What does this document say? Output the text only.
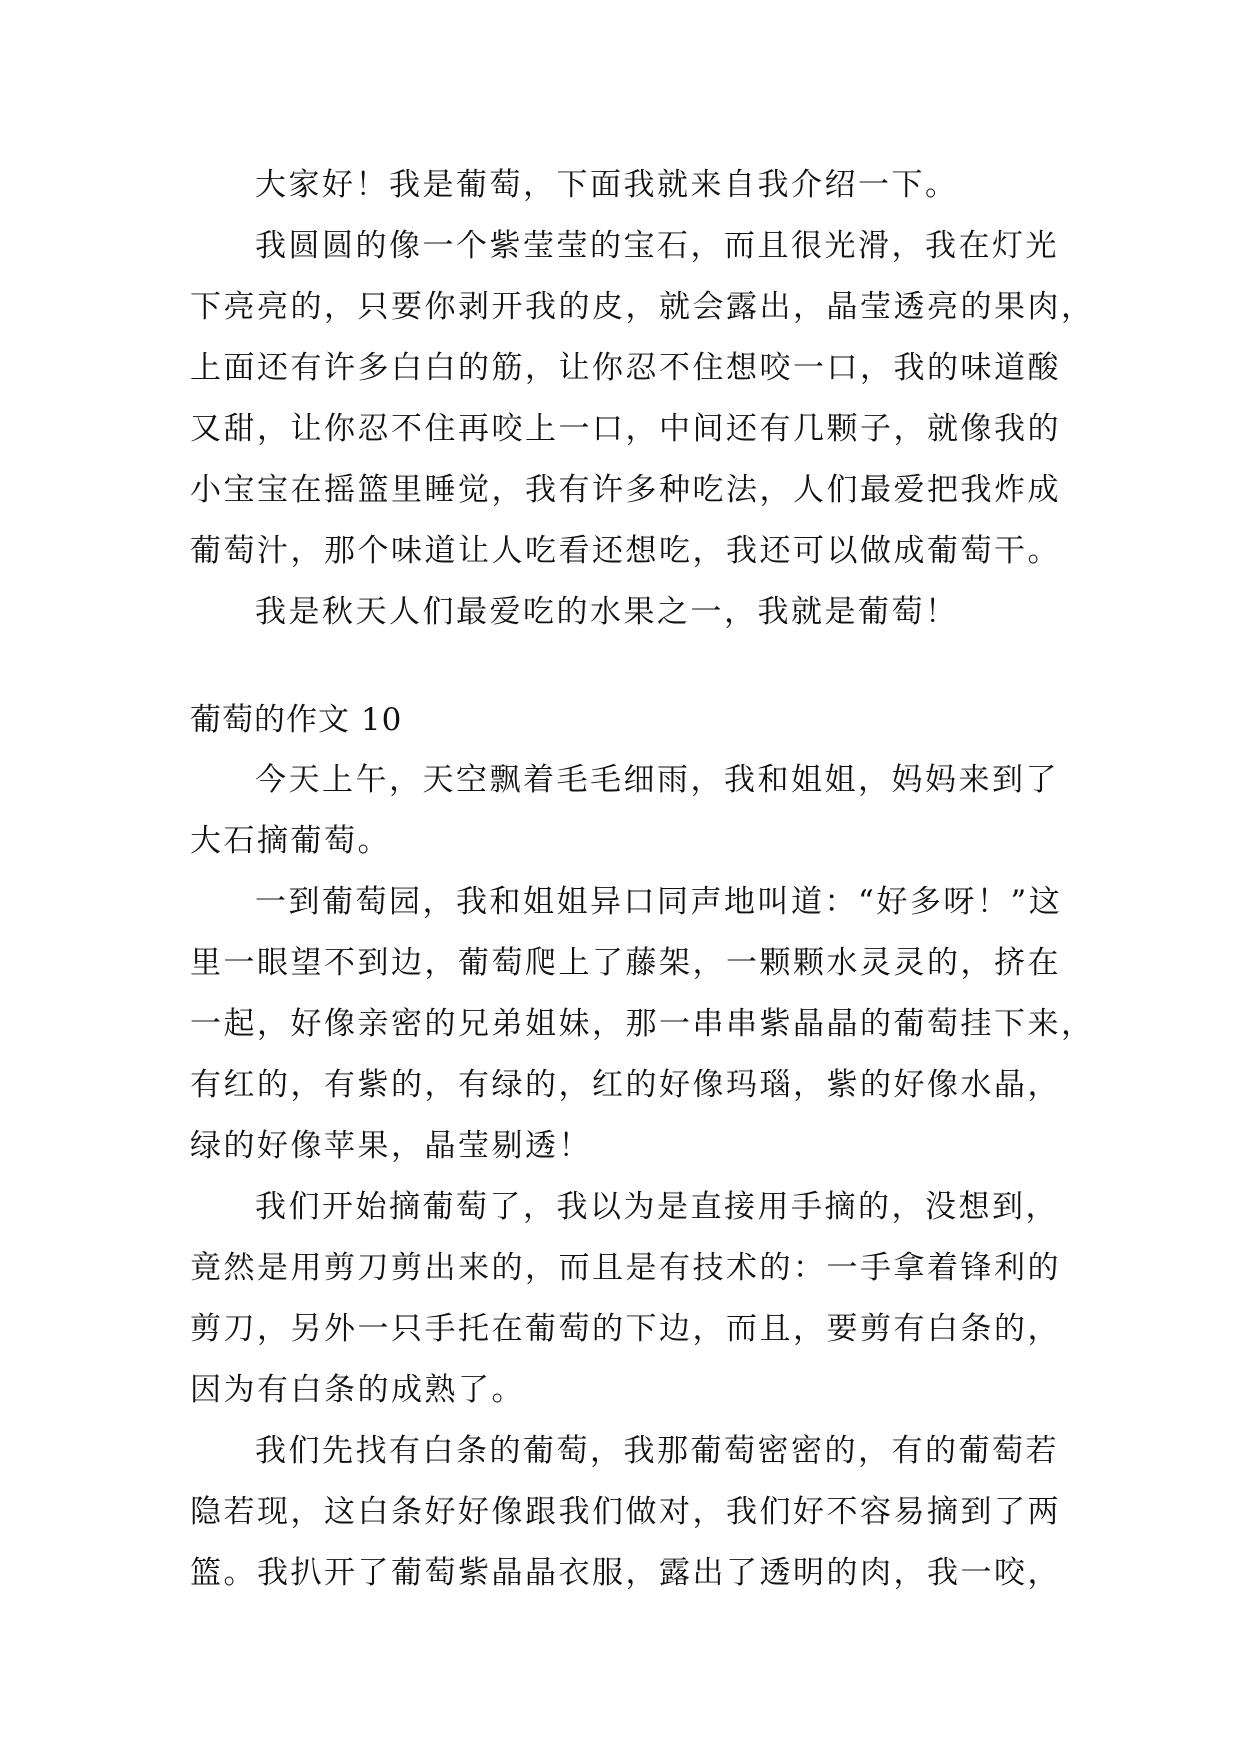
大家好！我是葡萄，下面我就来自我介绍一下。
我圆圆的像一个紫莹莹的宝石，而且很光滑，我在灯光
下亮亮的，只要你剥开我的皮，就会露出，晶莹透亮的果肉，
上面还有许多白白的筋，让你忍不住想咬一口，我的味道酸
又甜，让你忍不住再咬上一口，中间还有几颗子，就像我的
小宝宝在摇篮里睡觉，我有许多种吃法，人们最爱把我炸成
葡萄汁，那个味道让人吃看还想吃，我还可以做成葡萄干。
我是秋天人们最爱吃的水果之一，我就是葡萄！
葡萄的作文 10
今天上午，天空飘着毛毛细雨，我和姐姐，妈妈来到了
大石摘葡萄。
一到葡萄园，我和姐姐异口同声地叫道：“好多呀！”这
里一眼望不到边，葡萄爬上了藤架，一颗颗水灵灵的，挤在
一起，好像亲密的兄弟姐妹，那一串串紫晶晶的葡萄挂下来，
有红的，有紫的，有绿的，红的好像玛瑙，紫的好像水晶，
绿的好像苹果，晶莹剔透！
我们开始摘葡萄了，我以为是直接用手摘的，没想到，
竟然是用剪刀剪出来的，而且是有技术的：一手拿着锋利的
剪刀，另外一只手托在葡萄的下边，而且，要剪有白条的，
因为有白条的成熟了。
我们先找有白条的葡萄，我那葡萄密密的，有的葡萄若
隐若现，这白条好好像跟我们做对，我们好不容易摘到了两
篮。我扒开了葡萄紫晶晶衣服，露出了透明的肉，我一咬，
